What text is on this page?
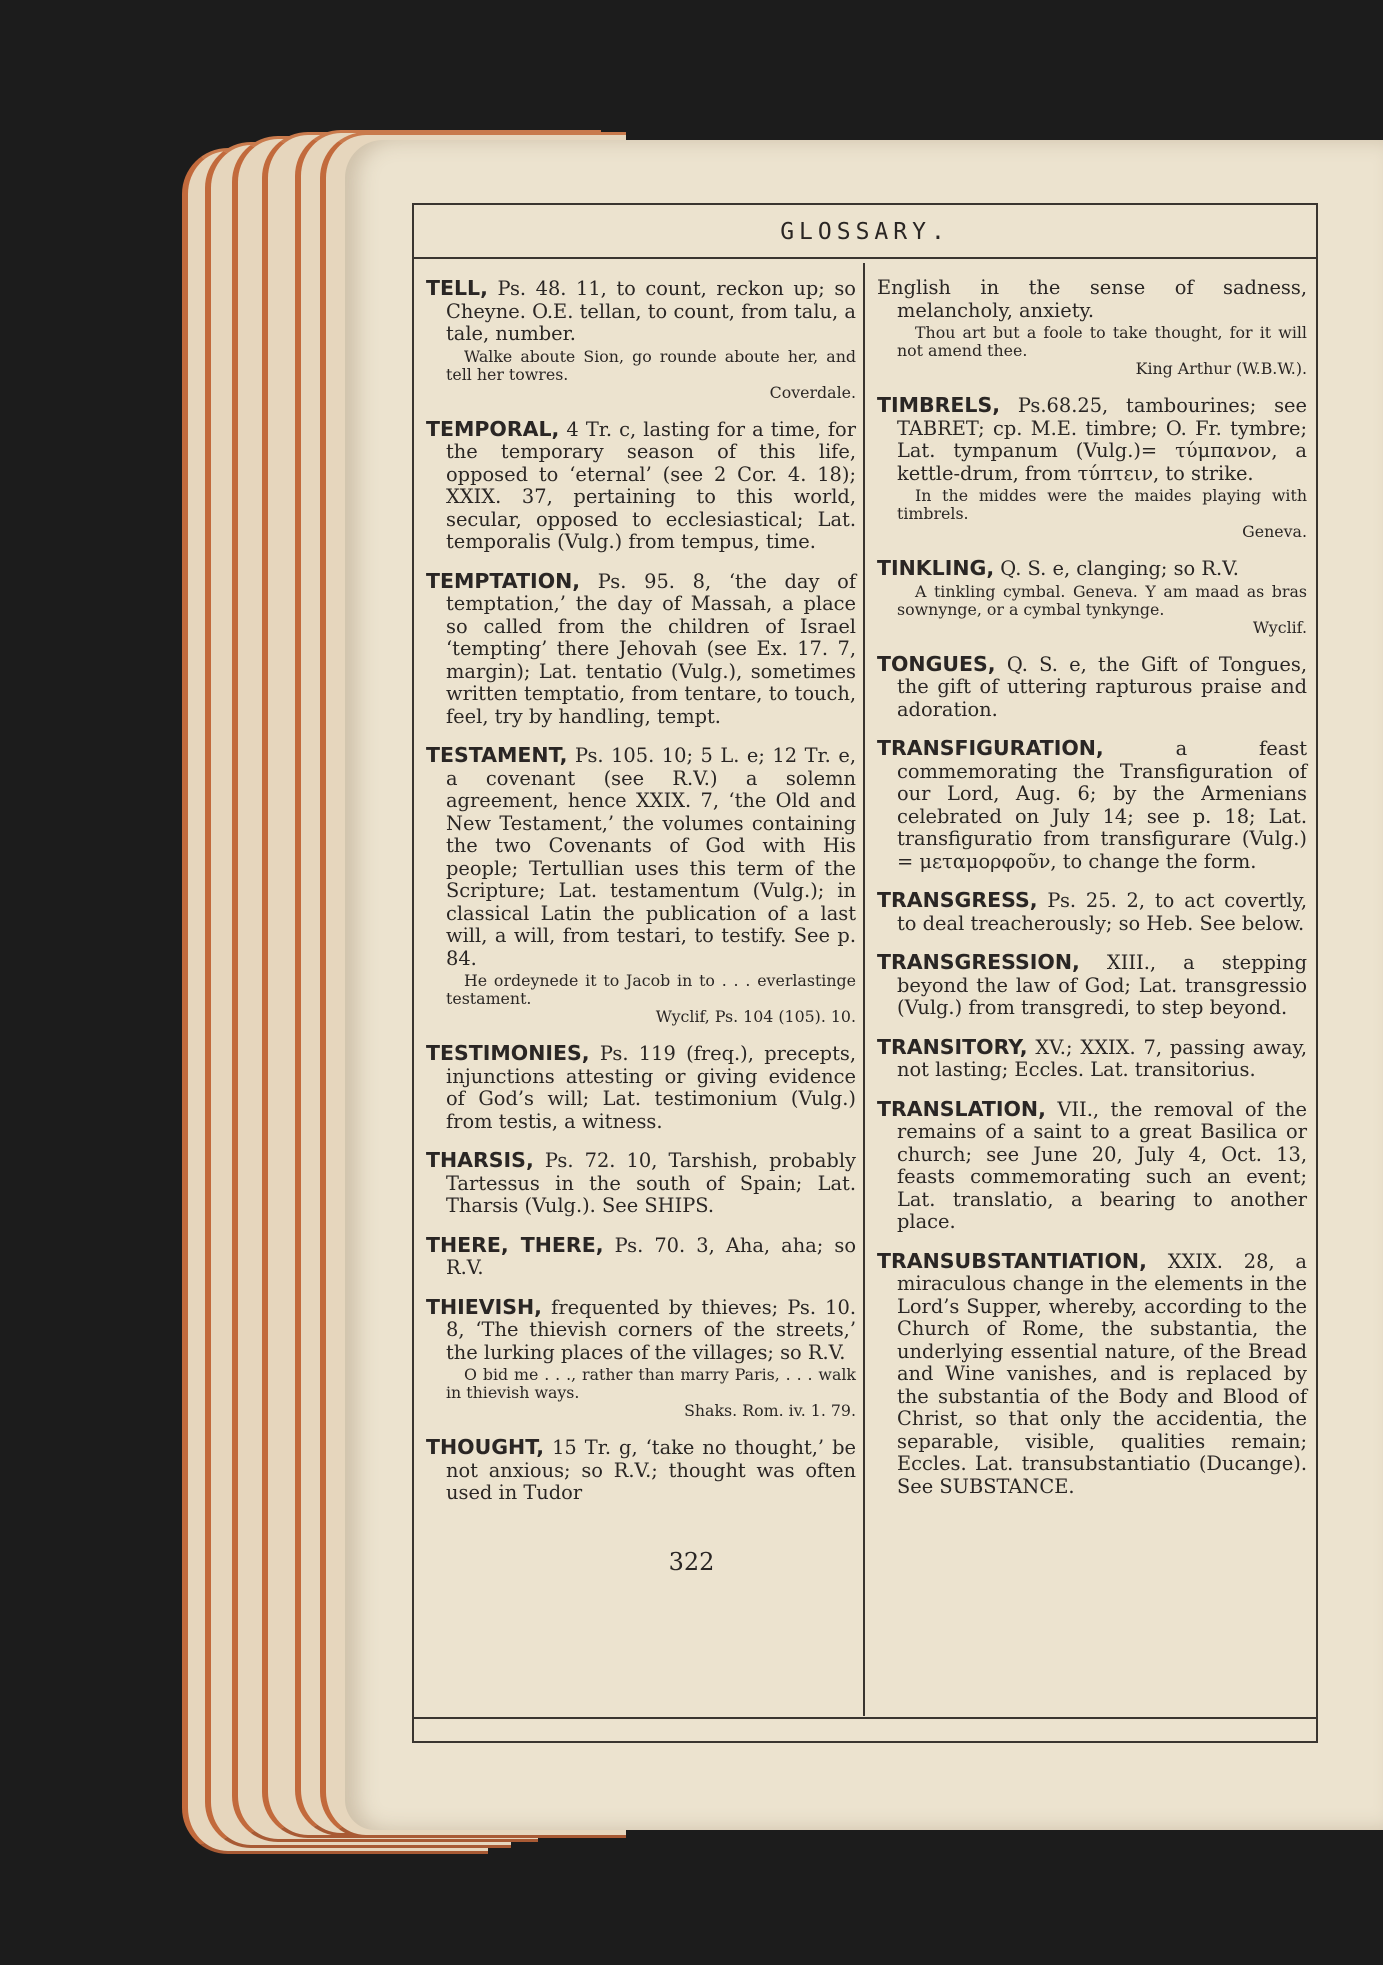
GLOSSARY.
TELL, Ps. 48. 11, to count, reckon up; so Cheyne. O.E. tellan, to count, from talu, a tale, number.
Walke aboute Sion, go rounde aboute her, and tell her towres.
Coverdale.
TEMPORAL, 4 Tr. c, lasting for a time, for the temporary season of this life, opposed to ‘eternal’ (see 2 Cor. 4. 18); XXIX. 37, pertaining to this world, secular, opposed to ecclesiastical; Lat. temporalis (Vulg.) from tempus, time.
TEMPTATION, Ps. 95. 8, ‘the day of temptation,’ the day of Massah, a place so called from the children of Israel ‘tempting’ there Jehovah (see Ex. 17. 7, margin); Lat. tentatio (Vulg.), sometimes written temptatio, from tentare, to touch, feel, try by handling, tempt.
TESTAMENT, Ps. 105. 10; 5 L. e; 12 Tr. e, a covenant (see R.V.) a solemn agreement, hence XXIX. 7, ‘the Old and New Testament,’ the volumes containing the two Covenants of God with His people; Tertullian uses this term of the Scripture; Lat. testamentum (Vulg.); in classical Latin the publication of a last will, a will, from testari, to testify. See p. 84.
He ordeynede it to Jacob in to . . . everlastinge testament.
Wyclif, Ps. 104 (105). 10.
TESTIMONIES, Ps. 119 (freq.), precepts, injunctions attesting or giving evidence of God’s will; Lat. testimonium (Vulg.) from testis, a witness.
THARSIS, Ps. 72. 10, Tarshish, probably Tartessus in the south of Spain; Lat. Tharsis (Vulg.). See SHIPS.
THERE, THERE, Ps. 70. 3, Aha, aha; so R.V.
THIEVISH, frequented by thieves; Ps. 10. 8, ‘The thievish corners of the streets,’ the lurking places of the villages; so R.V.
O bid me . . ., rather than marry Paris, . . . walk in thievish ways.
Shaks. Rom. iv. 1. 79.
THOUGHT, 15 Tr. g, ‘take no thought,’ be not anxious; so R.V.; thought was often used in Tudor
English in the sense of sadness, melancholy, anxiety.
Thou art but a foole to take thought, for it will not amend thee.
King Arthur (W.B.W.).
TIMBRELS, Ps.68.25, tambourines; see TABRET; cp. M.E. timbre; O. Fr. tymbre; Lat. tympanum (Vulg.)= τύμπανον, a kettle-drum, from τύπτειν, to strike.
In the middes were the maides playing with timbrels.
Geneva.
TINKLING, Q. S. e, clanging; so R.V.
A tinkling cymbal. Geneva. Y am maad as bras sownynge, or a cymbal tynkynge.
Wyclif.
TONGUES, Q. S. e, the Gift of Tongues, the gift of uttering rapturous praise and adoration.
TRANSFIGURATION,	a feast commemorating the Transfiguration of our Lord, Aug. 6; by the Armenians celebrated on July 14; see p. 18; Lat. transfiguratio from transfigurare (Vulg.) = μεταμορφοῦν, to change the form.
TRANSGRESS, Ps. 25. 2, to act covertly, to deal treacherously; so Heb. See below.
TRANSGRESSION, XIII., a stepping beyond the law of God; Lat. transgressio (Vulg.) from transgredi, to step beyond.
TRANSITORY, XV.; XXIX. 7, passing away, not lasting; Eccles. Lat. transitorius.
TRANSLATION, VII., the removal of the remains of a saint to a great Basilica or church; see June 20, July 4, Oct. 13, feasts commemorating such an event; Lat. translatio, a bearing to another place.
TRANSUBSTANTIATION, XXIX. 28, a miraculous change in the elements in the Lord’s Supper, whereby, according to the Church of Rome, the substantia, the underlying essential nature, of the Bread and Wine vanishes, and is replaced by the substantia of the Body and Blood of Christ, so that only the accidentia, the separable, visible, qualities remain; Eccles. Lat. transubstantiatio (Ducange). See SUBSTANCE.
322
